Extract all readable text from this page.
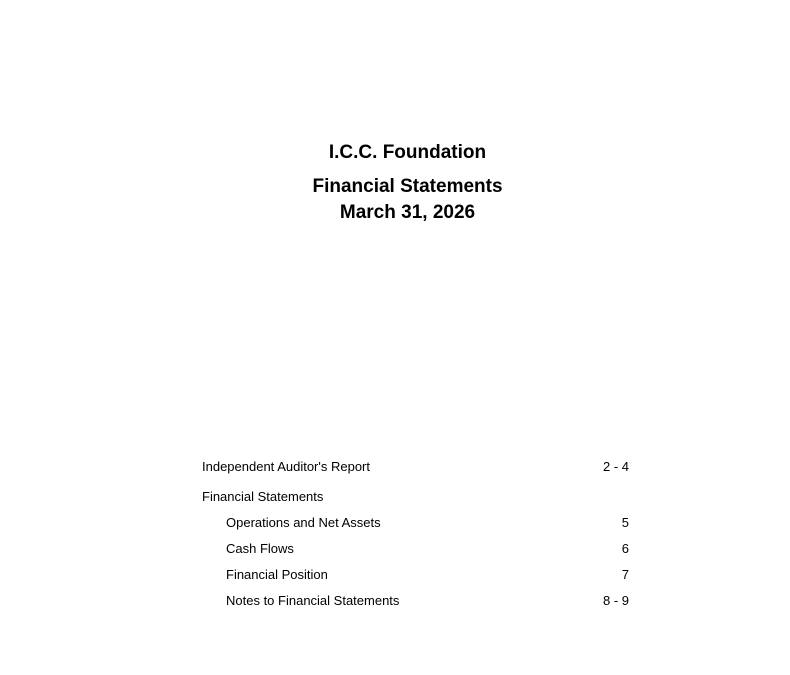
I.C.C. Foundation
Financial Statements
March 31, 2026
Independent Auditor's Report	2 - 4
Financial Statements
Operations and Net Assets	5
Cash Flows	6
Financial Position	7
Notes to Financial Statements	8 - 9
